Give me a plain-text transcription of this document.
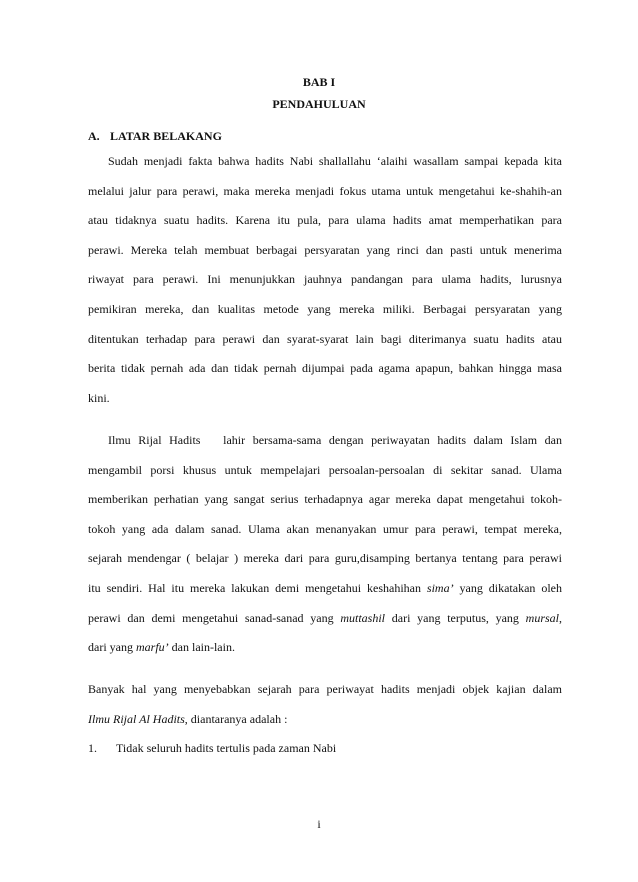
BAB I

PENDAHULUAN

A. LATAR BELAKANG

Sudah menjadi fakta bahwa hadits Nabi shallallahu ‘alaihi wasallam sampai kepada kita
melalui jalur para perawi, maka mereka menjadi fokus utama untuk mengetahui ke-shahih-an
atau tidaknya suatu hadits. Karena itu pula, para ulama hadits amat memperhatikan para
perawi. Mereka telah membuat berbagai persyaratan yang rinci dan pasti untuk menerima
riwayat para perawi. Ini menunjukkan jauhnya pandangan para ulama hadits, lurusnya
pemikiran mereka, dan kualitas metode yang mereka miliki. Berbagai persyaratan yang
ditentukan terhadap para perawi dan syarat-syarat lain bagi diterimanya suatu hadits atau
berita tidak pernah ada dan tidak pernah dijumpai pada agama apapun, bahkan hingga masa
kini.
Ilmu Rijal Hadits   lahir bersama-sama dengan periwayatan hadits dalam Islam dan
mengambil porsi khusus untuk mempelajari persoalan-persoalan di sekitar sanad. Ulama
memberikan perhatian yang sangat serius terhadapnya agar mereka dapat mengetahui tokoh-
tokoh yang ada dalam sanad. Ulama akan menanyakan umur para perawi, tempat mereka,
sejarah mendengar ( belajar ) mereka dari para guru,disamping bertanya tentang para perawi
itu sendiri. Hal itu mereka lakukan demi mengetahui keshahihan sima’ yang dikatakan oleh
perawi dan demi mengetahui sanad-sanad yang muttashil dari yang terputus, yang mursal,
dari yang marfu’ dan lain-lain.
Banyak hal yang menyebabkan sejarah para periwayat hadits menjadi objek kajian dalam
Ilmu Rijal Al Hadits, diantaranya adalah :

1. Tidak seluruh hadits tertulis pada zaman Nabi

i
